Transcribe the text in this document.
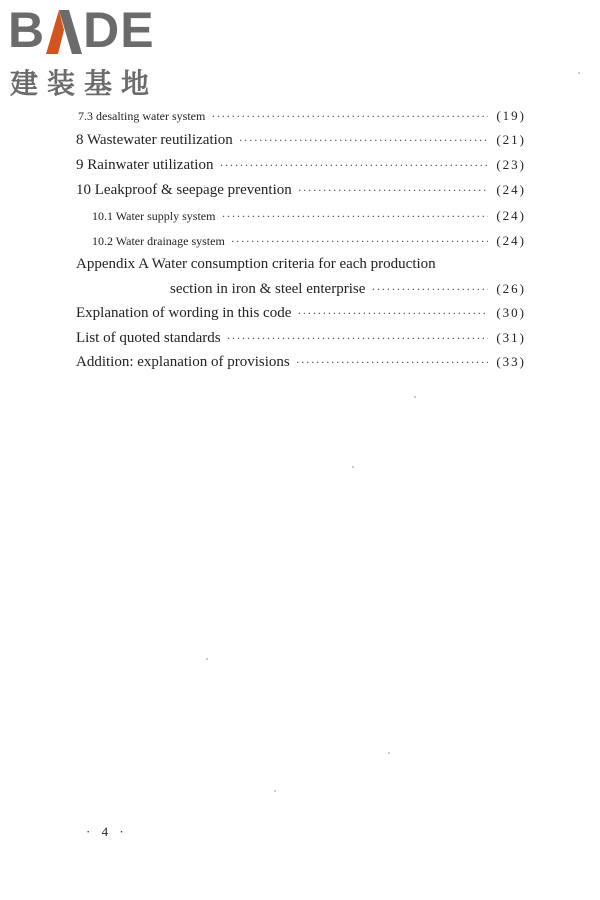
B DE
建装基地
7.3 desalting water system ·····	(19)
8 Wastewater reutilization ·····	(21)
9 Rainwater utilization ·····	(23)
10 Leakproof & seepage prevention ·····	(24)
10.1 Water supply system ·····	(24)
10.2 Water drainage system ·····	(24)
Appendix A Water consumption criteria for each production
section in iron & steel enterprise ·····	(26)
Explanation of wording in this code ·····	(30)
List of quoted standards ·····	(31)
Addition: explanation of provisions ·····	(33)
· 4 ·
